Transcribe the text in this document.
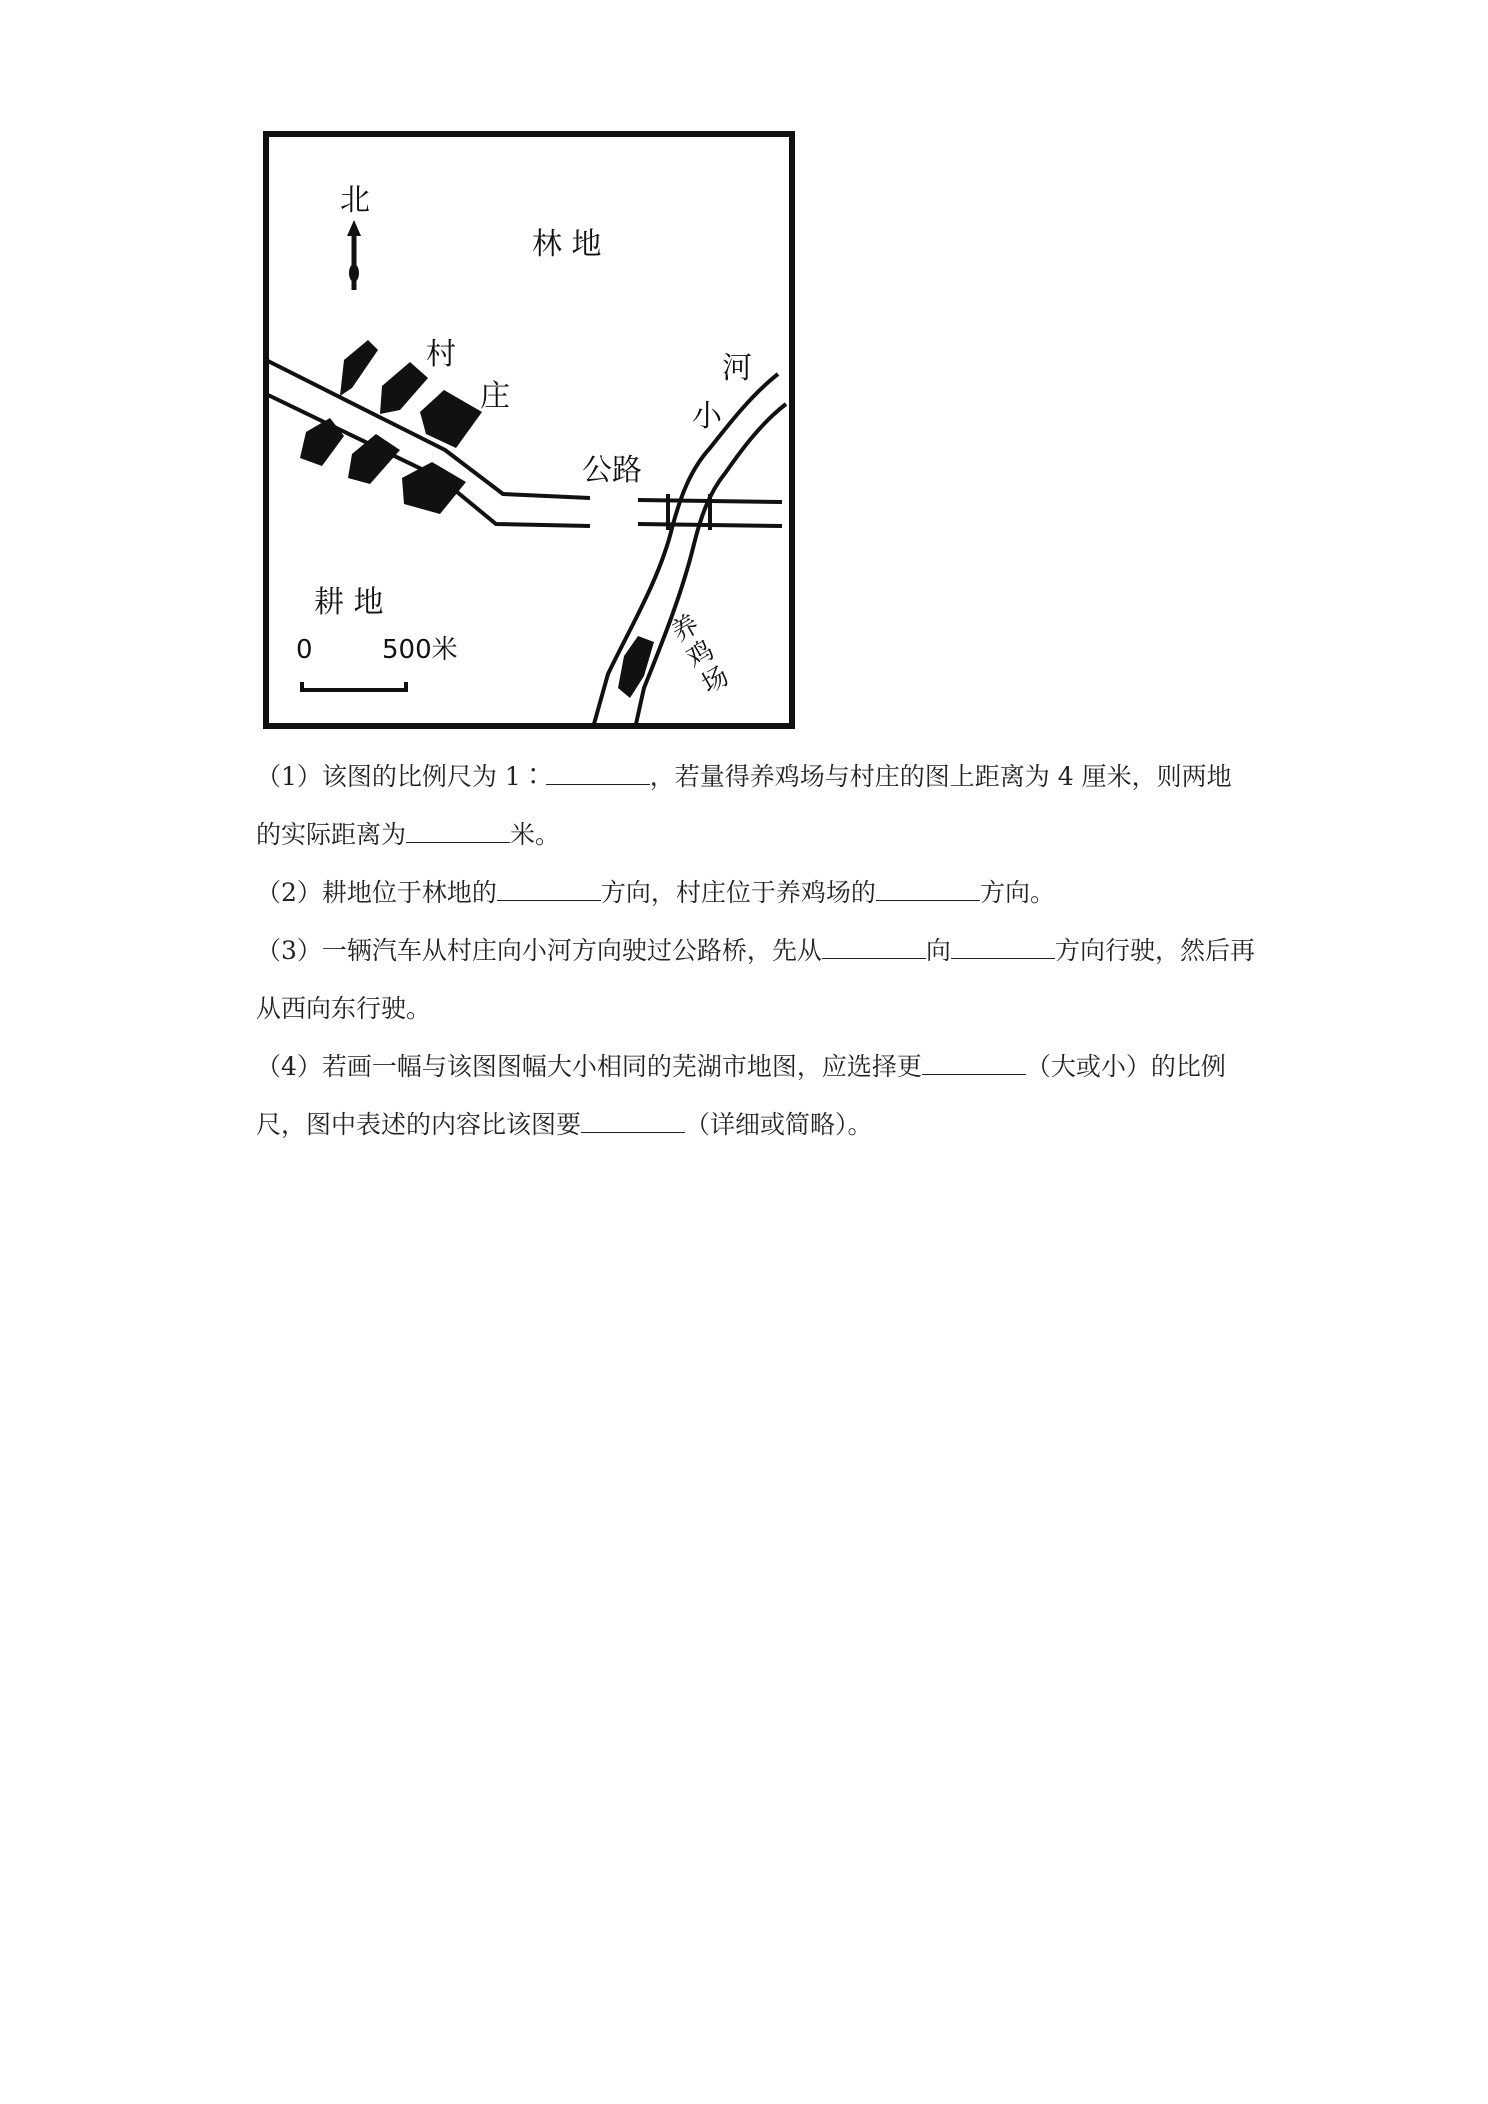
北
林 地
村
庄
河
小
公路
耕 地
0	500米
养
鸡
场

（1）该图的比例尺为 1∶	，若量得养鸡场与村庄的图上距离为 4 厘米，则两地的实际距离为	米。

（2）耕地位于林地的	方向，村庄位于养鸡场的	方向。

（3）一辆汽车从村庄向小河方向驶过公路桥，先从	向	方向行驶，然后再从西向东行驶。

（4）若画一幅与该图图幅大小相同的芜湖市地图，应选择更	（大或小）的比例尺，图中表述的内容比该图要	（详细或简略）。
